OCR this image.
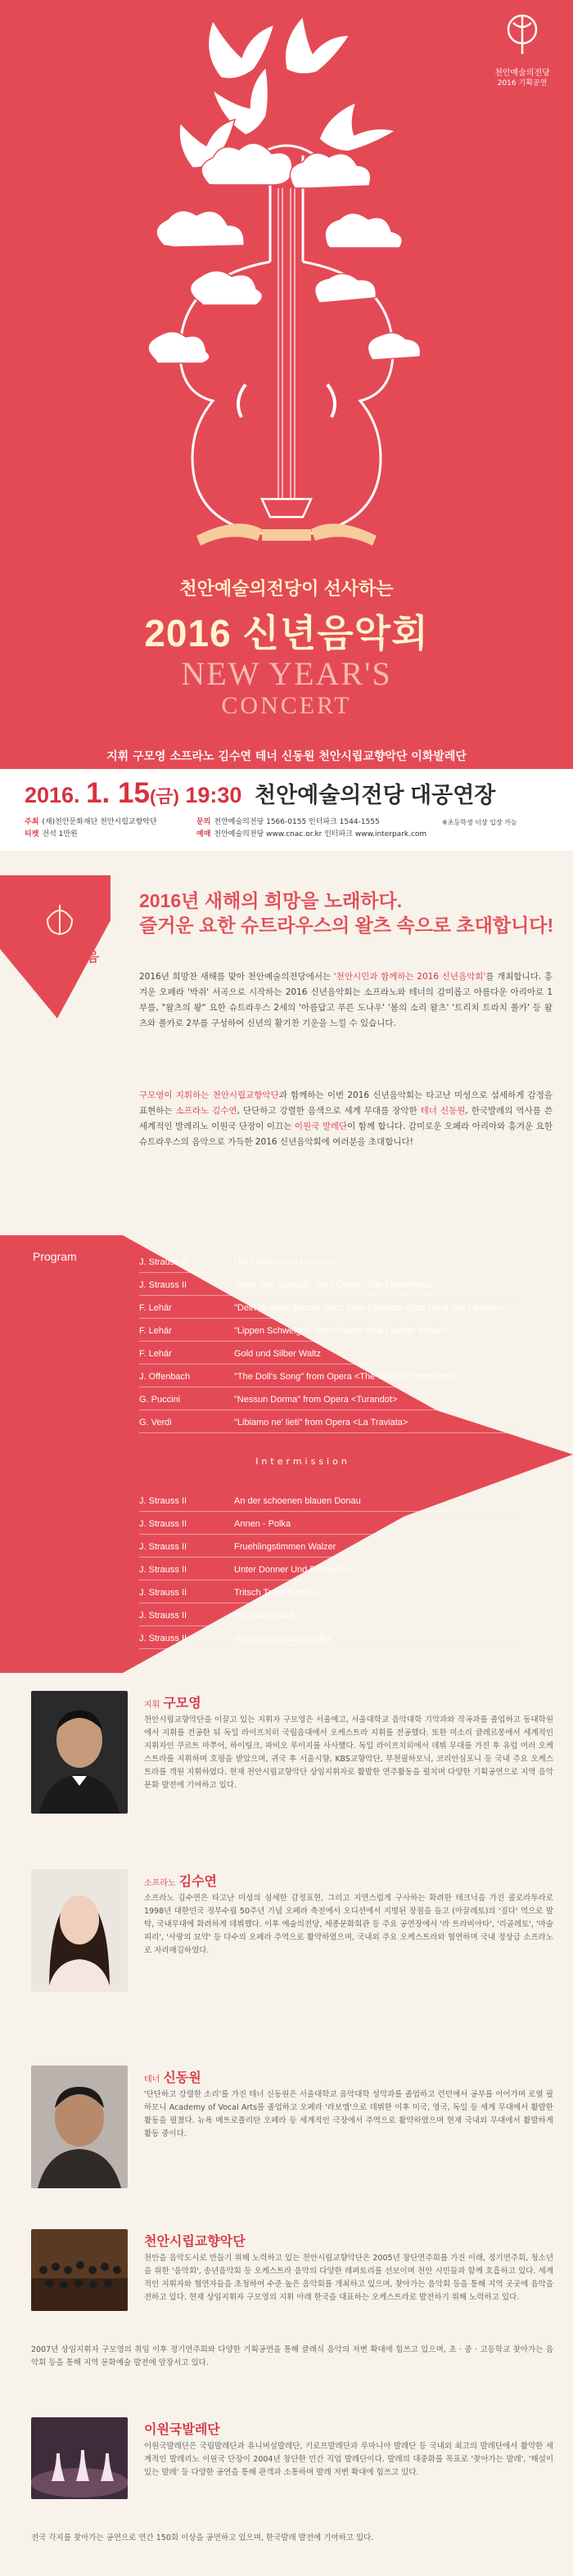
천안예술의전당
2016 기획공연
천안예술의전당이 선사하는
2016 신년음악회
NEW YEAR'S
CONCERT
지휘 구모영 소프라노 김수연 테너 신동원 천안시립교향악단 이화발레단
2016. 1. 15(금) 19:30 천안예술의전당 대공연장
주최 (재)천안문화재단 천안시립교향악단
티켓 전석 1만원
문의 천안예술의전당 1566-0155 인터파크 1544-1555
예매 천안예술의전당 www.cnac.or.kr 인터파크 www.interpark.com
※초등학생 이상 입장 가능
천안예술의전당
2016 신년음악회
2016년 새해의 희망을 노래하다.
즐거운 요한 슈트라우스의 왈츠 속으로 초대합니다!

2016년 희망찬 새해를 맞아 천안예술의전당에서는 '천안시민과 함께하는 2016 신년음악회'를 개최합니다. 흥겨운 오페라 '박쥐' 서곡으로 시작하는 2016 신년음악회는 소프라노와 테너의 감미롭고 아름다운 아리아로 1부를, "왈츠의 왕" 요한 슈트라우스 2세의 '아름답고 푸른 도나우' '봄의 소리 왈츠' '트리치 트라치 폴카' 등 왈츠와 폴카로 2부를 구성하여 신년의 활기찬 기운을 느낄 수 있습니다.

구모영이 지휘하는 천안시립교향악단과 함께하는 이번 2016 신년음악회는 타고난 미성으로 섬세하게 감정을 표현하는 소프라노 김수연, 단단하고 강렬한 음색으로 세계 무대를 장악한 테너 신동원, 한국발레의 역사를 쓴 세계적인 발레리노 이원국 단장이 이끄는 이원국 발레단이 함께 합니다. 감미로운 오페라 아리아와 흥겨운 요한 슈트라우스의 음악으로 가득한 2016 신년음악회에 여러분을 초대합니다!

Program	J. Strauss II	Die Fledermaus Overture
J. Strauss II	"Mein herr Marquis" from Opera <Die Fledermaus>
F. Lehár	"Dein ist mein ganzes herz" from Operetta <Das Land des Lächelns>
F. Lehár	"Lippen Schweigen" from Opera <Die Lustige Witwe>
F. Lehár	Gold und Silber Waltz
J. Offenbach	"The Doll's Song" from Opera <The Tales of Hoffmann>
G. Puccini	"Nessun Dorma" from Opera <Turandot>
G. Verdi	"Libiamo ne' lieti" from Opera <La Traviata>
Intermission
J. Strauss II	An der schoenen blauen Donau
J. Strauss II	Annen - Polka
J. Strauss II	Fruehlingstimmen Walzer
J. Strauss II	Unter Donner Und Blitz polka
J. Strauss II	Tritsch Tratsch polka
J. Strauss II	Pizzicato polka
J. Strauss II	Vergnuegungszug polka
지휘 구모영

천안시립교향악단을 이끌고 있는 지휘자 구모영은 서울예고, 서울대학교 음악대학 기악과와 작곡과를 졸업하고 동대학원에서 지휘를 전공한 뒤 독일 라이프치히 국립음대에서 오케스트라 지휘를 전공했다. 또한 미소리 클레르몽에서 세계적인 지휘자인 쿠르트 마쭈어, 하이팅크, 파비오 루이지를 사사했다. 독일 라이프치히에서 데뷔 무대를 가진 후 유럽 여러 오케스트라를 지휘하며 호평을 받았으며, 귀국 후 서울시향, KBS교향악단, 부천필하모닉, 코리안심포니 등 국내 주요 오케스트라를 객원 지휘하였다. 현재 천안시립교향악단 상임지휘자로 활발한 연주활동을 펼치며 다양한 기획공연으로 지역 음악문화 발전에 기여하고 있다.

소프라노 김수연

소프라노 김수연은 타고난 미성의 섬세한 감정표현, 그리고 지연스럽게 구사하는 화려한 테크닉을 가진 콜로라투라로 1998년 대한민국 정부수립 50주년 기념 오페라 축전에서 오디션에서 지명된 장점을 들고 (아끌레토)의 '질다' 역으로 발탁, 국내무대에 화려하게 데뷔했다. 이후 예술의전당, 세종문화회관 등 주요 공연장에서 '라 트라비아타', '리골레토', '마술피리', '사랑의 묘약' 등 다수의 오페라 주역으로 활약하였으며, 국내외 주요 오케스트라와 협연하며 국내 정상급 소프라노로 자리매김하였다.

테너 신동원

'단단하고 강렬한 소리'를 가진 테너 신동원은 서울대학교 음악대학 성악과를 졸업하고 런던에서 공부를 이어가며 로열 필하모니 Academy of Vocal Arts를 졸업하고 오페라 '라보엠'으로 데뷔한 이후 미국, 영국, 독일 등 세계 무대에서 활발한 활동을 펼쳤다. 뉴욕 메트로폴리탄 오페라 등 세계적인 극장에서 주역으로 활약하였으며 현재 국내외 무대에서 활발하게 활동 중이다.

천안시립교향악단

천안을 음악도시로 만들기 위해 노력하고 있는 천안시립교향악단은 2005년 창단연주회를 가진 이래, 정기연주회, 청소년을 위한 '음악회', 송년음악회 등 오케스트라 음악의 다양한 레퍼토리를 선보이며 천안 시민들과 함께 호흡하고 있다. 세계적인 지휘자와 협연자들을 초청하여 수준 높은 음악회를 개최하고 있으며, 찾아가는 음악회 등을 통해 지역 곳곳에 음악을 전하고 있다. 현재 상임지휘자 구모영의 지휘 아래 한국을 대표하는 오케스트라로 발전하기 위해 노력하고 있다.

2007년 상임지휘자 구모영의 취임 이후 정기연주회와 다양한 기획공연을 통해 클래식 음악의 저변 확대에 힘쓰고 있으며, 초 · 중 · 고등학교 찾아가는 음악회 등을 통해 지역 문화예술 발전에 앞장서고 있다.

이원국발레단

이원국발레단은 국립발레단과 유니버설발레단, 키로프발레단과 루마니아 발레단 등 국내외 최고의 발레단에서 활약한 세계적인 발레리노 이원국 단장이 2004년 창단한 민간 직업 발레단이다. 발레의 대중화를 목표로 '찾아가는 발레', '해설이 있는 발레' 등 다양한 공연을 통해 관객과 소통하며 발레 저변 확대에 힘쓰고 있다.

전국 각지를 찾아가는 공연으로 연간 150회 이상을 공연하고 있으며, 한국발레 발전에 기여하고 있다.
